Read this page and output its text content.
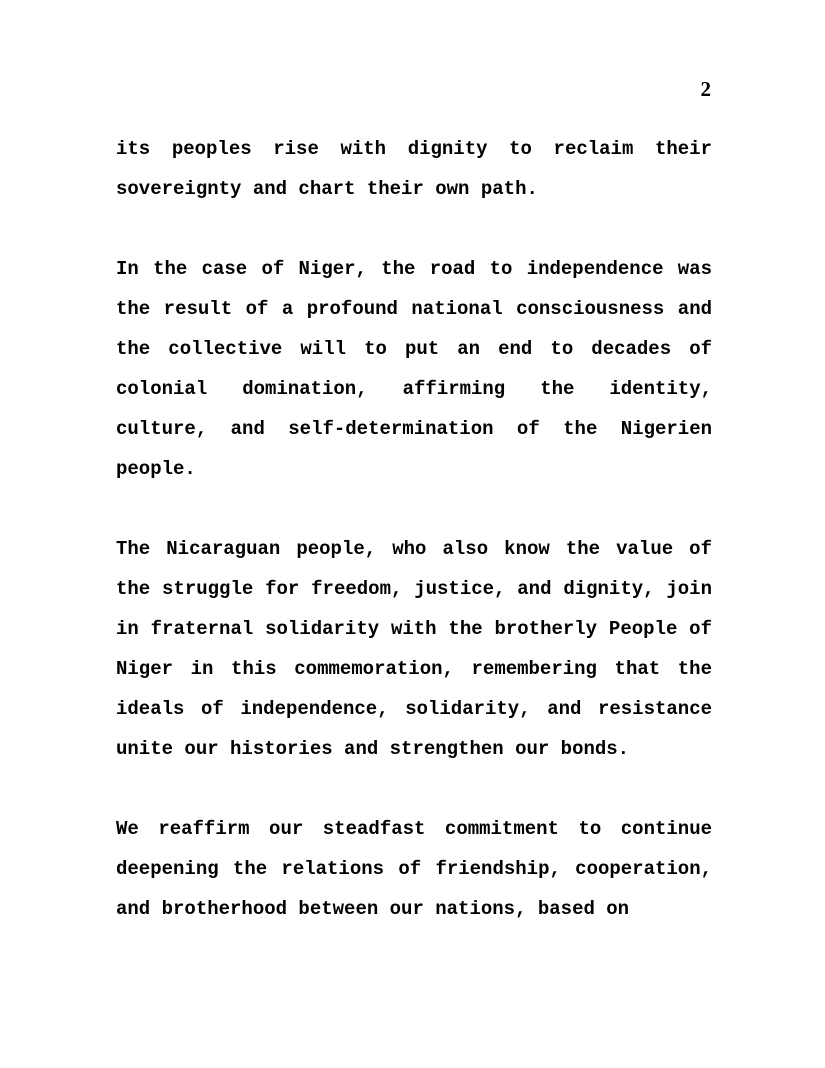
2

its peoples rise with dignity to reclaim their sovereignty and chart their own path.

In the case of Niger, the road to independence was the result of a profound national consciousness and the collective will to put an end to decades of colonial domination, affirming the identity, culture, and self-determination of the Nigerien people.

The Nicaraguan people, who also know the value of the struggle for freedom, justice, and dignity, join in fraternal solidarity with the brotherly People of Niger in this commemoration, remembering that the ideals of independence, solidarity, and resistance unite our histories and strengthen our bonds.

We reaffirm our steadfast commitment to continue deepening the relations of friendship, cooperation, and brotherhood between our nations, based on
